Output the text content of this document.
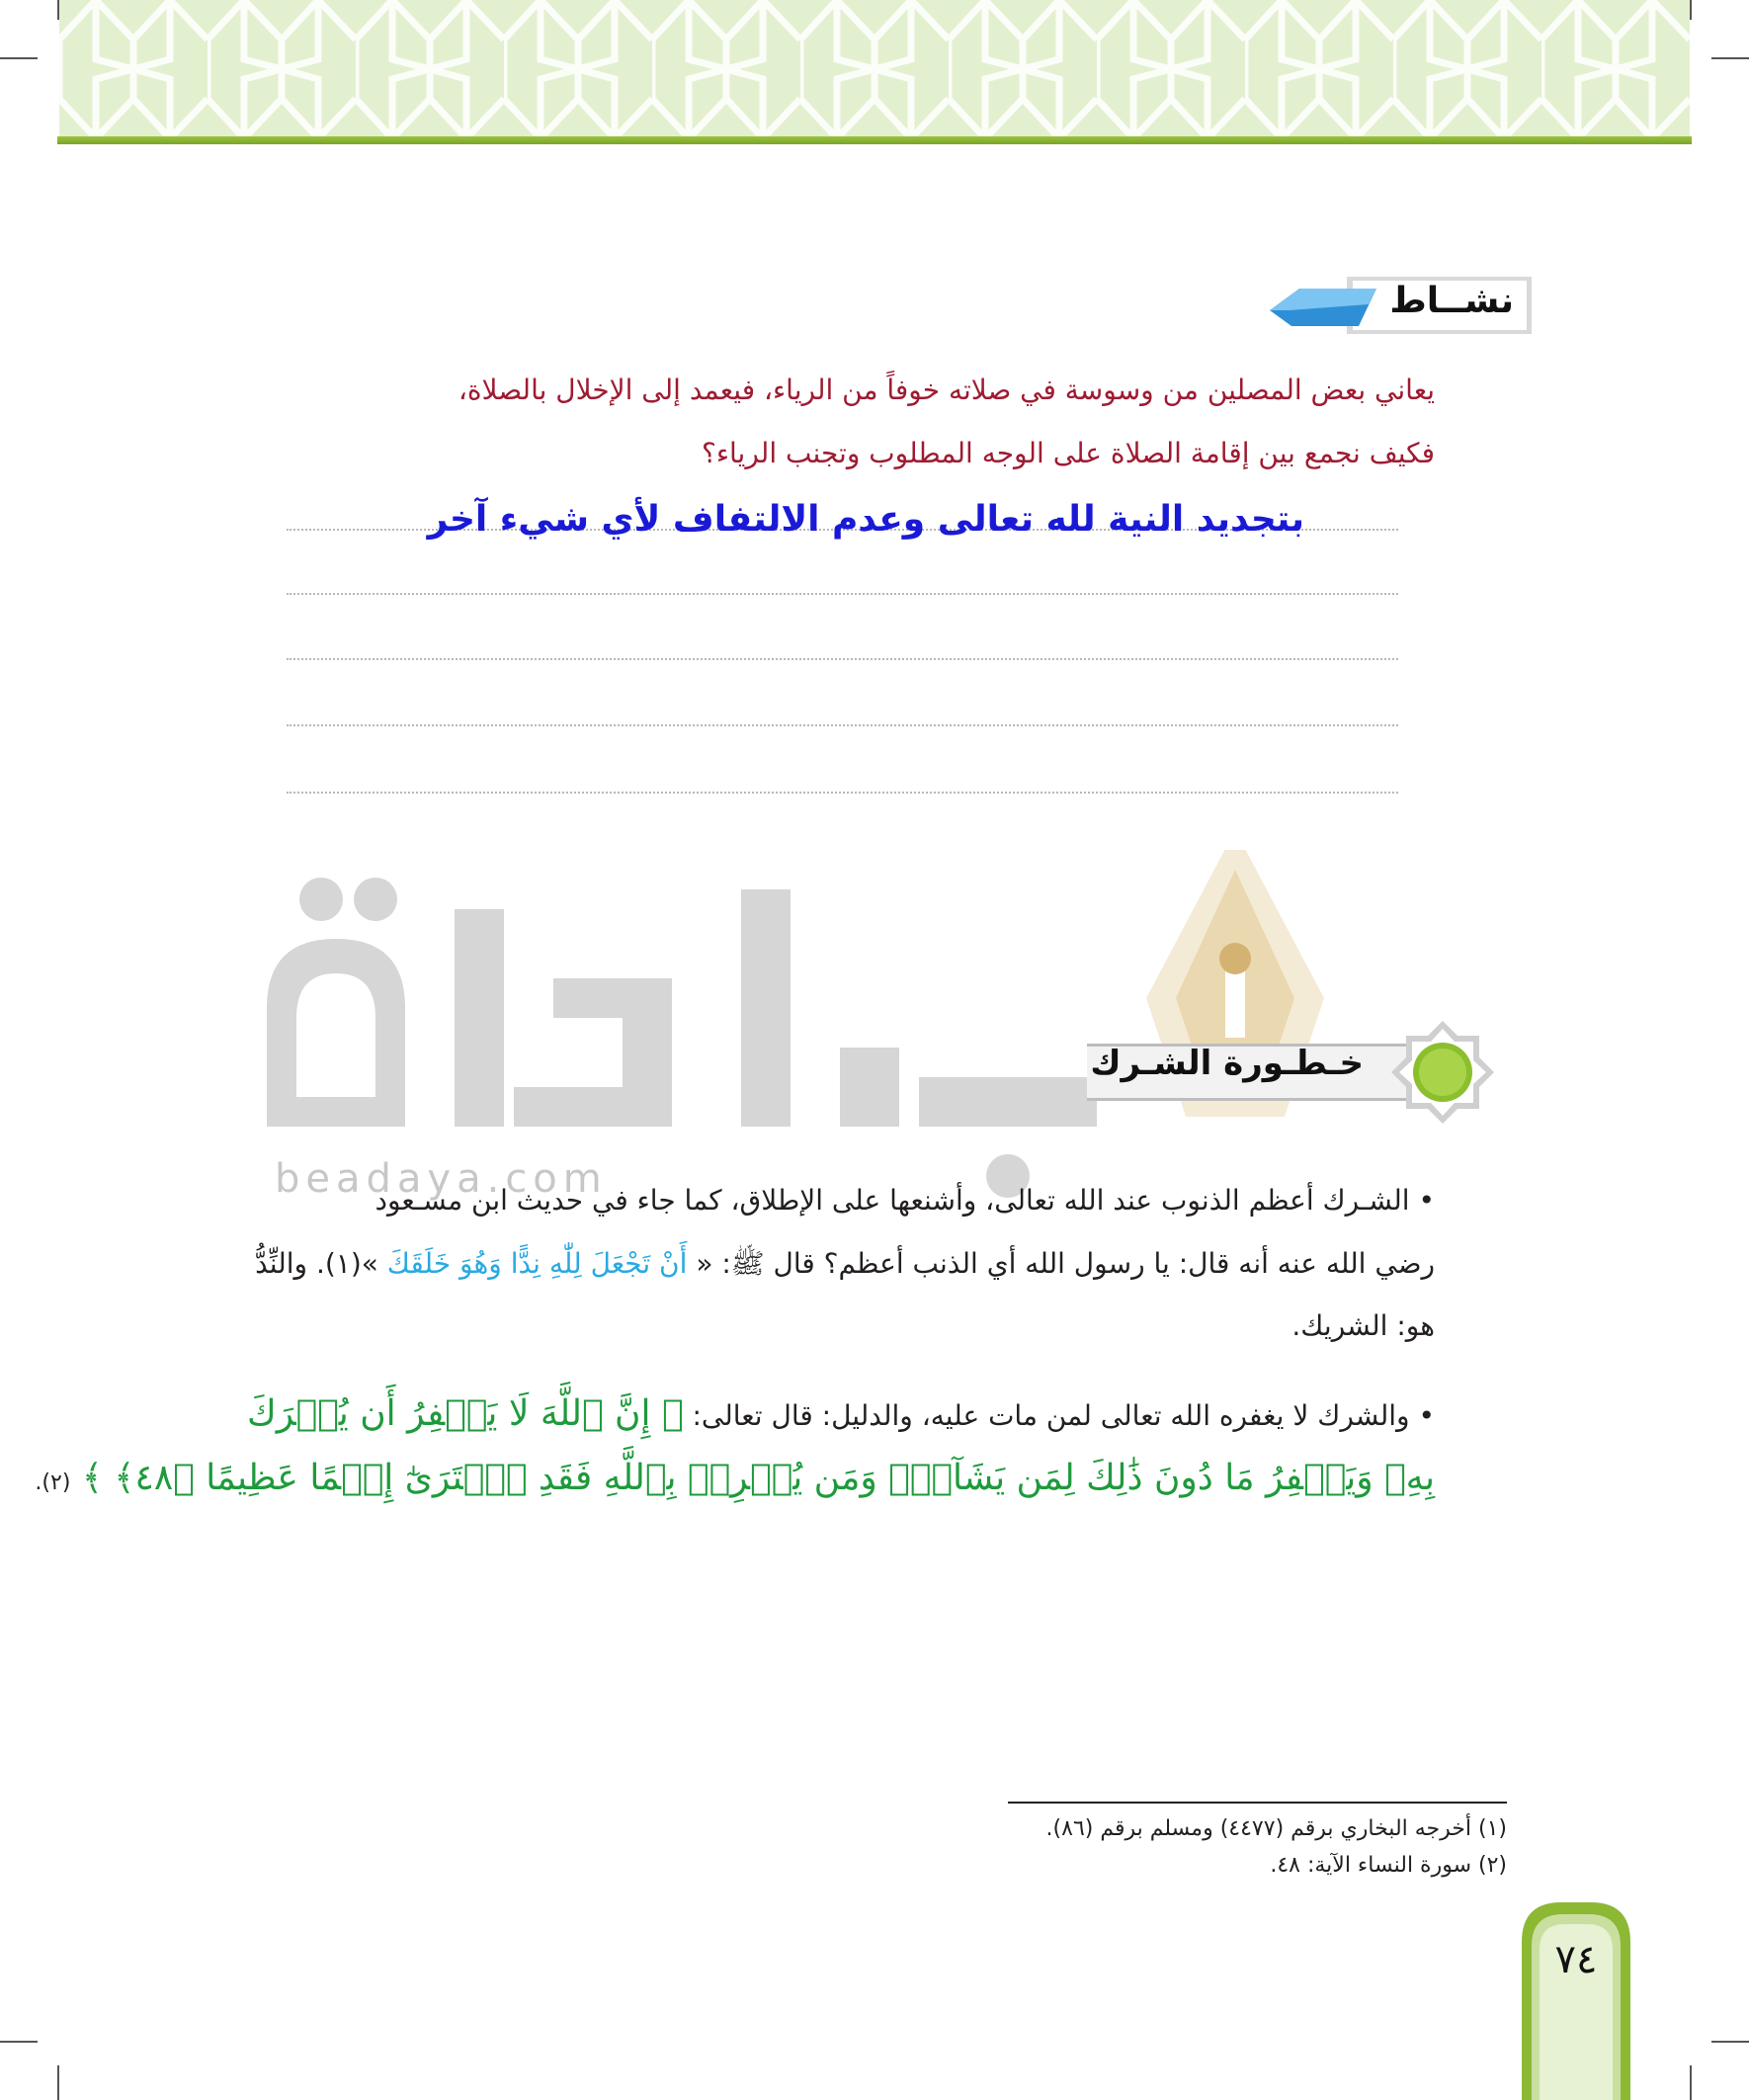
نشــاط
يعاني بعض المصلين من وسوسة في صلاته خوفاً من الرياء، فيعمد إلى الإخلال بالصلاة،
فكيف نجمع بين إقامة الصلاة على الوجه المطلوب وتجنب الرياء؟
بتجديد النية لله تعالى وعدم الالتفاف لأي شيء آخر
خـطـورة الشـرك
beadaya.com
• الشـرك أعظم الذنوب عند الله تعالى، وأشنعها على الإطلاق، كما جاء في حديث ابن مسـعود
رضي الله عنه أنه قال: يا رسول الله أي الذنب أعظم؟ قال ﷺ: « أَنْ تَجْعَلَ لِلّٰهِ نِدًّا وَهُوَ خَلَقَكَ »(١). والنِّدُّ
هو: الشريك.
• والشرك لا يغفره الله تعالى لمن مات عليه، والدليل: قال تعالى: ﴿ إِنَّ ٱللَّهَ لَا يَغۡفِرُ أَن يُشۡرَكَ
بِهِۦ وَيَغۡفِرُ مَا دُونَ ذَٰلِكَ لِمَن يَشَآءُۚ وَمَن يُشۡرِكۡ بِٱللَّهِ فَقَدِ ٱفۡتَرَىٰٓ إِثۡمًا عَظِيمًا ﴿٤٨﴾ ﴾ (٢).
(١) أخرجه البخاري برقم (٤٤٧٧) ومسلم برقم (٨٦).
(٢) سورة النساء الآية: ٤٨.
٧٤
